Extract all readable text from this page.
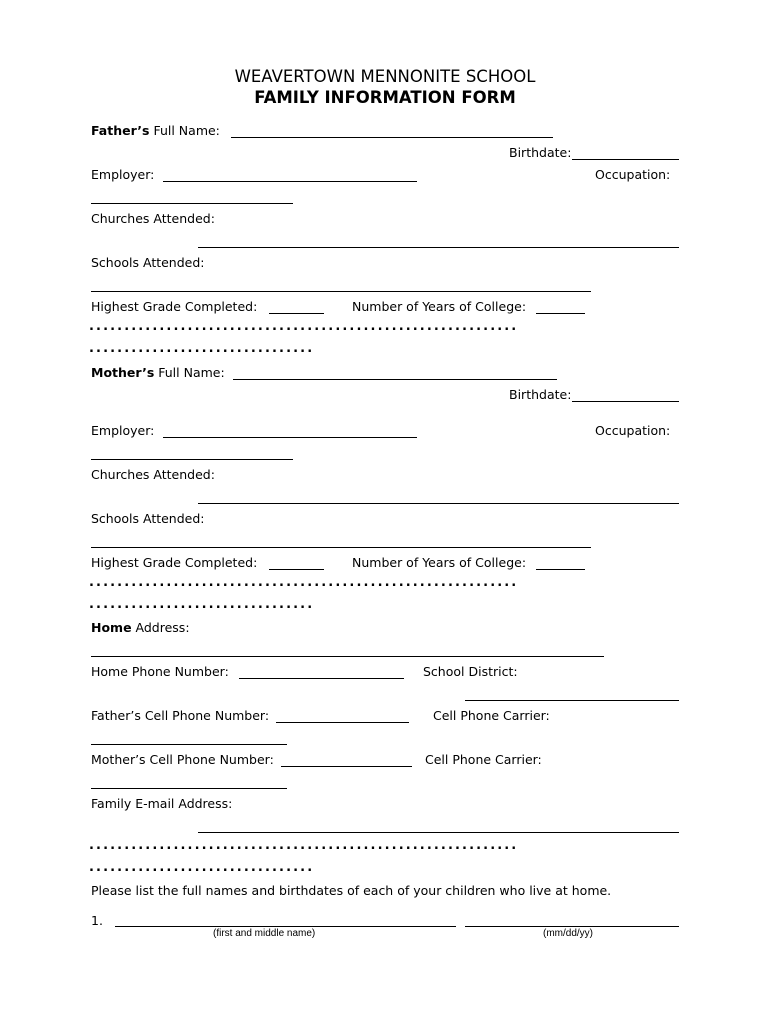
WEAVERTOWN MENNONITE SCHOOL
FAMILY INFORMATION FORM
Father’s Full Name:
Birthdate:
Employer:	Occupation:
Churches Attended:
Schools Attended:
Highest Grade Completed:	Number of Years of College:
.............................................................
................................
Mother’s Full Name:
Birthdate:
Employer:	Occupation:
Churches Attended:
Schools Attended:
Highest Grade Completed:	Number of Years of College:
.............................................................
................................
Home Address:
Home Phone Number:	School District:
Father’s Cell Phone Number:	Cell Phone Carrier:
Mother’s Cell Phone Number:	Cell Phone Carrier:
Family E-mail Address:
.............................................................
................................
Please list the full names and birthdates of each of your children who live at home.
1.
(first and middle name)	(mm/dd/yy)
